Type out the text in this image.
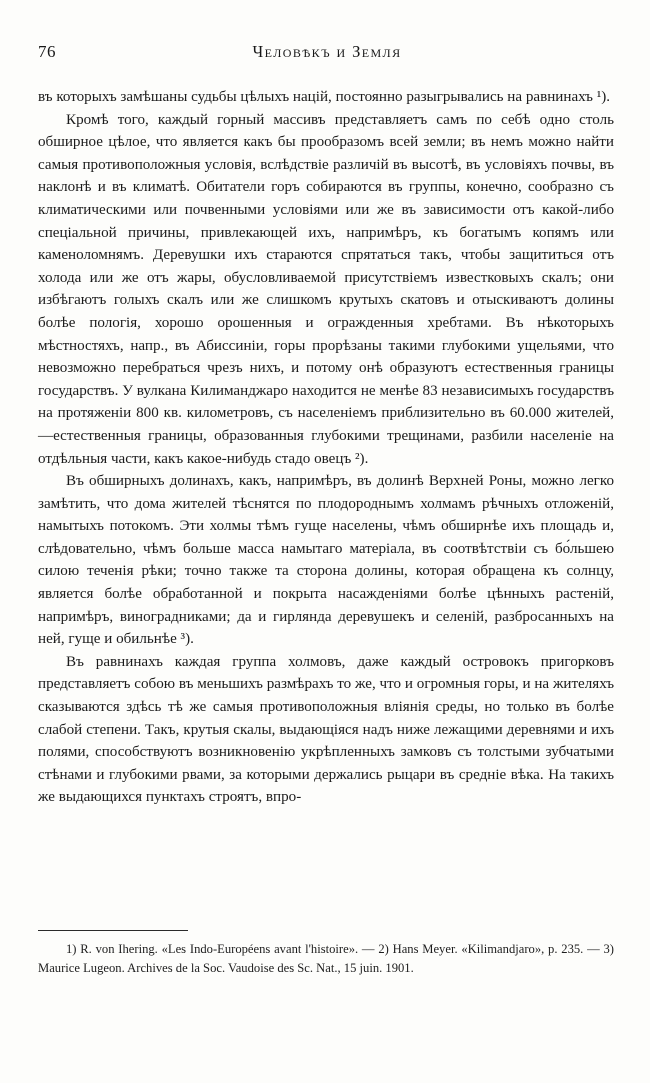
76	Человѣкъ и Земля

въ которыхъ замѣшаны судьбы цѣлыхъ націй, постоянно разыгрывались на равнинахъ ¹).

Кромѣ того, каждый горный массивъ представляетъ самъ по себѣ одно столь обширное цѣлое, что является какъ бы прообразомъ всей земли; въ немъ можно найти самыя противоположныя условія, вслѣдствіе различій въ высотѣ, въ условіяхъ почвы, въ наклонѣ и въ климатѣ. Обитатели горъ собираются въ группы, конечно, сообразно съ климатическими или почвенными условіями или же въ зависимости отъ какой-либо спеціальной причины, привлекающей ихъ, напримѣръ, къ богатымъ копямъ или каменоломнямъ. Деревушки ихъ стараются спрятаться такъ, чтобы защититься отъ холода или же отъ жары, обусловливаемой присутствіемъ известковыхъ скалъ; они избѣгаютъ голыхъ скалъ или же слишкомъ крутыхъ скатовъ и отыскиваютъ долины болѣе пологія, хорошо орошенныя и огражденныя хребтами. Въ нѣкоторыхъ мѣстностяхъ, напр., въ Абиссиніи, горы прорѣзаны такими глубокими ущельями, что невозможно перебраться чрезъ нихъ, и потому онѣ образуютъ естественныя границы государствъ. У вулкана Килиманджаро находится не менѣе 83 независимыхъ государствъ на протяженіи 800 кв. километровъ, съ населеніемъ приблизительно въ 60.000 жителей,—естественныя границы, образованныя глубокими трещинами, разбили населеніе на отдѣльныя части, какъ какое-нибудь стадо овецъ ²).

Въ обширныхъ долинахъ, какъ, напримѣръ, въ долинѣ Верхней Роны, можно легко замѣтить, что дома жителей тѣснятся по плодороднымъ холмамъ рѣчныхъ отложеній, намытыхъ потокомъ. Эти холмы тѣмъ гуще населены, чѣмъ обширнѣе ихъ площадь и, слѣдовательно, чѣмъ больше масса намытаго матеріала, въ соотвѣтствіи съ бо́льшею силою теченія рѣки; точно также та сторона долины, которая обращена къ солнцу, является болѣе обработанной и покрыта насажденіями болѣе цѣнныхъ растеній, напримѣръ, виноградниками; да и гирлянда деревушекъ и селеній, разбросанныхъ на ней, гуще и обильнѣе ³).

Въ равнинахъ каждая группа холмовъ, даже каждый островокъ пригорковъ представляетъ собою въ меньшихъ размѣрахъ то же, что и огромныя горы, и на жителяхъ сказываются здѣсь тѣ же самыя противоположныя вліянія среды, но только въ болѣе слабой степени. Такъ, крутыя скалы, выдающіяся надъ ниже лежащими деревнями и ихъ полями, способствуютъ возникновенію укрѣпленныхъ замковъ съ толстыми зубчатыми стѣнами и глубокими рвами, за которыми держались рыцари въ среднie вѣка. На такихъ же выдающихся пунктахъ строятъ, впро-

1) R. von Ihering. «Les Indo-Européens avant l'histoire». — 2) Hans Meyer. «Kilimandjaro», p. 235. — 3) Maurice Lugeon. Archives de la Soc. Vaudoise des Sc. Nat., 15 juin. 1901.
